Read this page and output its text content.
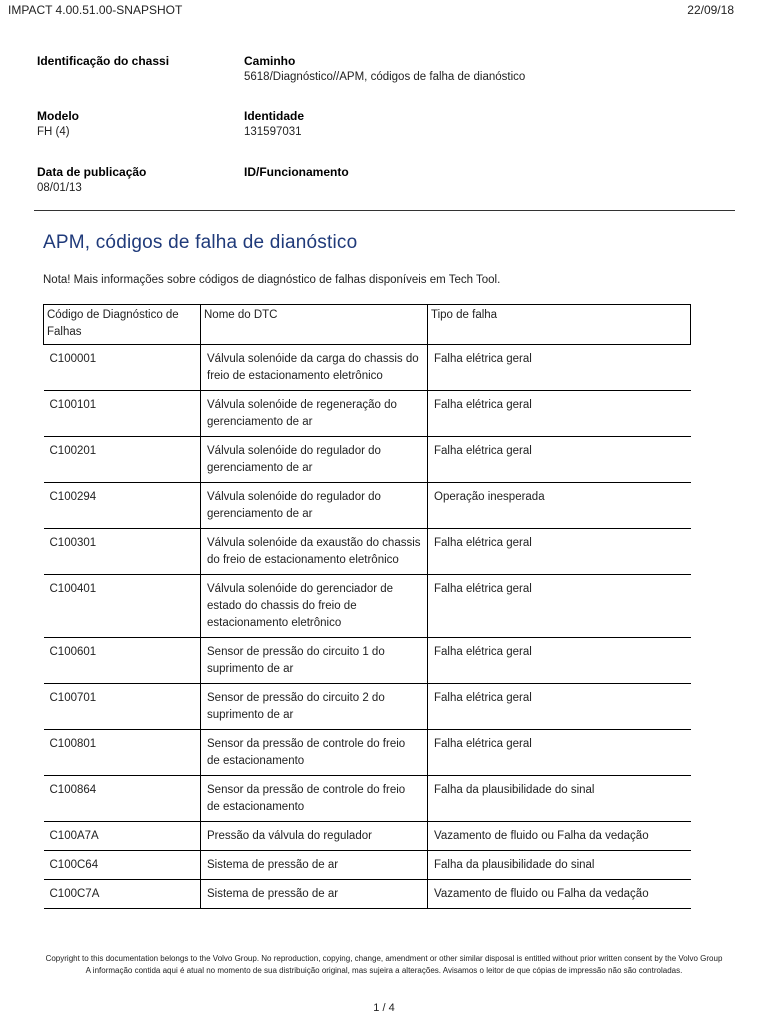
IMPACT 4.00.51.00-SNAPSHOT	22/09/18
Identificação do chassi	Caminho
5618/Diagnóstico//APM, códigos de falha de dianóstico
Modelo
FH (4)
Identidade
131597031
Data de publicação
08/01/13
ID/Funcionamento
APM, códigos de falha de dianóstico
Nota! Mais informações sobre códigos de diagnóstico de falhas disponíveis em Tech Tool.
Código de Diagnóstico de Falhas	Nome do DTC	Tipo de falha
C100001	Válvula solenóide da carga do chassis do freio de estacionamento eletrônico	Falha elétrica geral
C100101	Válvula solenóide de regeneração do gerenciamento de ar	Falha elétrica geral
C100201	Válvula solenóide do regulador do gerenciamento de ar	Falha elétrica geral
C100294	Válvula solenóide do regulador do gerenciamento de ar	Operação inesperada
C100301	Válvula solenóide da exaustão do chassis do freio de estacionamento eletrônico	Falha elétrica geral
C100401	Válvula solenóide do gerenciador de estado do chassis do freio de estacionamento eletrônico	Falha elétrica geral
C100601	Sensor de pressão do circuito 1 do suprimento de ar	Falha elétrica geral
C100701	Sensor de pressão do circuito 2 do suprimento de ar	Falha elétrica geral
C100801	Sensor da pressão de controle do freio de estacionamento	Falha elétrica geral
C100864	Sensor da pressão de controle do freio de estacionamento	Falha da plausibilidade do sinal
C100A7A	Pressão da válvula do regulador	Vazamento de fluido ou Falha da vedação
C100C64	Sistema de pressão de ar	Falha da plausibilidade do sinal
C100C7A	Sistema de pressão de ar	Vazamento de fluido ou Falha da vedação
Copyright to this documentation belongs to the Volvo Group. No reproduction, copying, change, amendment or other similar disposal is entitled without prior written consent by the Volvo Group
A informação contida aqui é atual no momento de sua distribuição original, mas sujeira a alterações. Avisamos o leitor de que cópias de impressão não são controladas.
1 / 4
